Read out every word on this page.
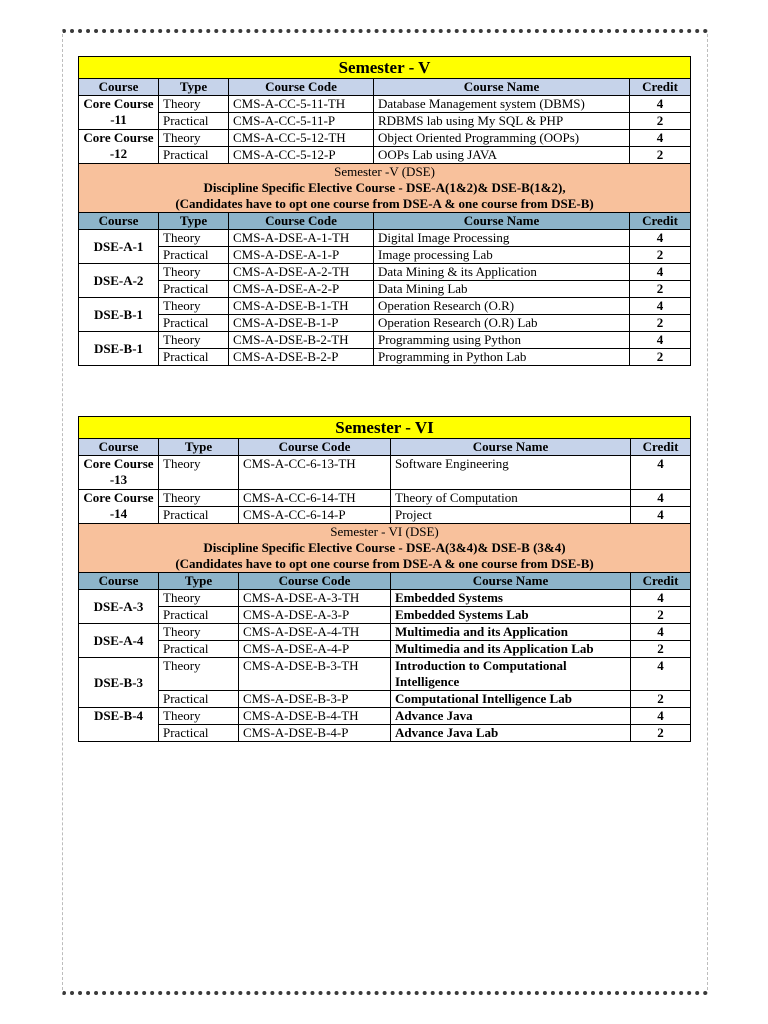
Semester - V				
Course	Type	Course Code	Course Name	Credit
Core Course -11	Theory	CMS-A-CC-5-11-TH	Database Management system (DBMS)	4
	Practical	CMS-A-CC-5-11-P	RDBMS lab using My SQL & PHP	2
Core Course -12	Theory	CMS-A-CC-5-12-TH	Object Oriented Programming (OOPs)	4
	Practical	CMS-A-CC-5-12-P	OOPs Lab using JAVA	2

Semester -V (DSE)
Discipline Specific Elective Course - DSE-A(1&2)& DSE-B(1&2),
(Candidates have to opt one course from DSE-A & one course from DSE-B)				

Course	Type	Course Code	Course Name	Credit
DSE-A-1	Theory	CMS-A-DSE-A-1-TH	Digital Image Processing	4
	Practical	CMS-A-DSE-A-1-P	Image processing Lab	2
DSE-A-2	Theory	CMS-A-DSE-A-2-TH	Data Mining & its Application	4
	Practical	CMS-A-DSE-A-2-P	Data Mining Lab	2
DSE-B-1	Theory	CMS-A-DSE-B-1-TH	Operation Research (O.R)	4
	Practical	CMS-A-DSE-B-1-P	Operation Research (O.R) Lab	2
DSE-B-1	Theory	CMS-A-DSE-B-2-TH	Programming using Python	4
	Practical	CMS-A-DSE-B-2-P	Programming in Python Lab	2
Semester - VI				
Course	Type	Course Code	Course Name	Credit
Core Course -13	Theory	CMS-A-CC-6-13-TH	Software Engineering	4
Core Course -14	Theory	CMS-A-CC-6-14-TH	Theory of Computation	4
	Practical	CMS-A-CC-6-14-P	Project	4

Semester - VI (DSE)
Discipline Specific Elective Course - DSE-A(3&4)& DSE-B (3&4)
(Candidates have to opt one course from DSE-A & one course from DSE-B)				

Course	Type	Course Code	Course Name	Credit
DSE-A-3	Theory	CMS-A-DSE-A-3-TH	Embedded Systems	4
	Practical	CMS-A-DSE-A-3-P	Embedded Systems Lab	2
DSE-A-4	Theory	CMS-A-DSE-A-4-TH	Multimedia and its Application	4
	Practical	CMS-A-DSE-A-4-P	Multimedia and its Application Lab	2
DSE-B-3	Theory	CMS-A-DSE-B-3-TH	Introduction to Computational Intelligence	4
	Practical	CMS-A-DSE-B-3-P	Computational Intelligence Lab	2
DSE-B-4	Theory	CMS-A-DSE-B-4-TH	Advance Java	4
	Practical	CMS-A-DSE-B-4-P	Advance Java Lab	2
